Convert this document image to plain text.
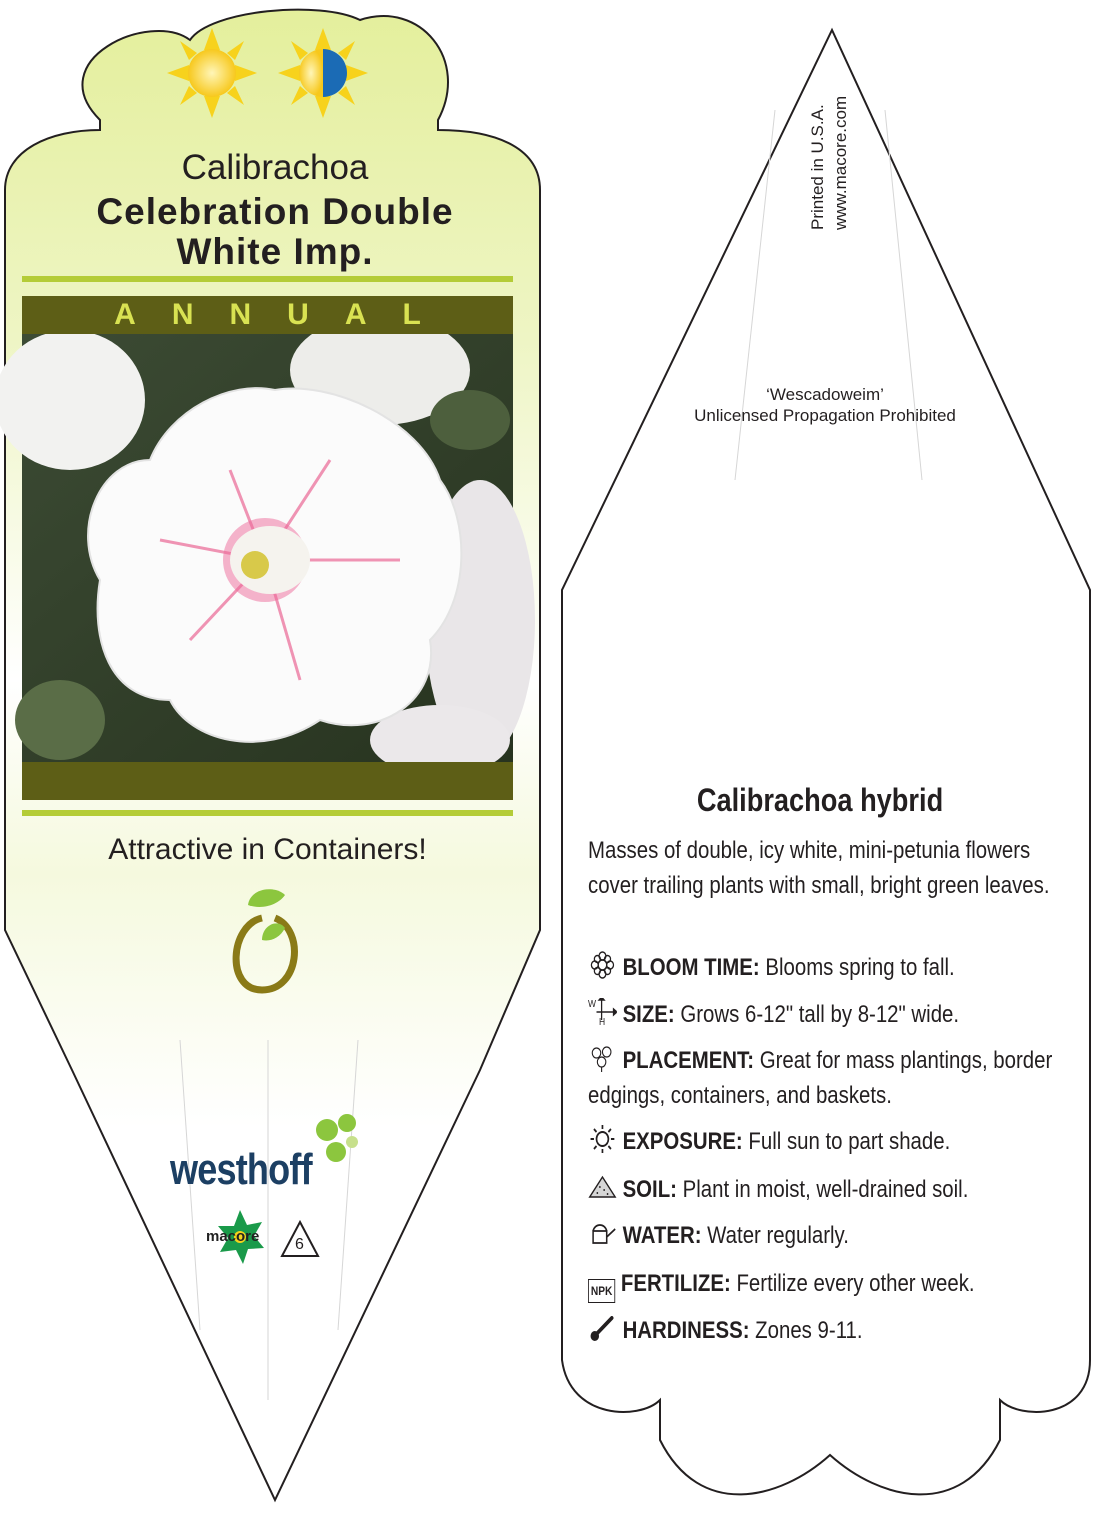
Calibrachoa
Celebration Double
White Imp.
ANNUAL
Attractive in Containers!
westhoff
macore 6
Printed in U.S.A. www.macore.com
‘Wescadoweim’
Unlicensed Propagation Prohibited
Calibrachoa hybrid
Masses of double, icy white, mini-petunia flowers cover trailing plants with small, bright green leaves.
BLOOM TIME: Blooms spring to fall.
W
H SIZE: Grows 6-12" tall by 8-12" wide.
PLACEMENT: Great for mass plantings, border edgings, containers, and baskets.
EXPOSURE: Full sun to part shade.
SOIL: Plant in moist, well-drained soil.
WATER: Water regularly.
NPK FERTILIZE: Fertilize every other week.
HARDINESS: Zones 9-11.
